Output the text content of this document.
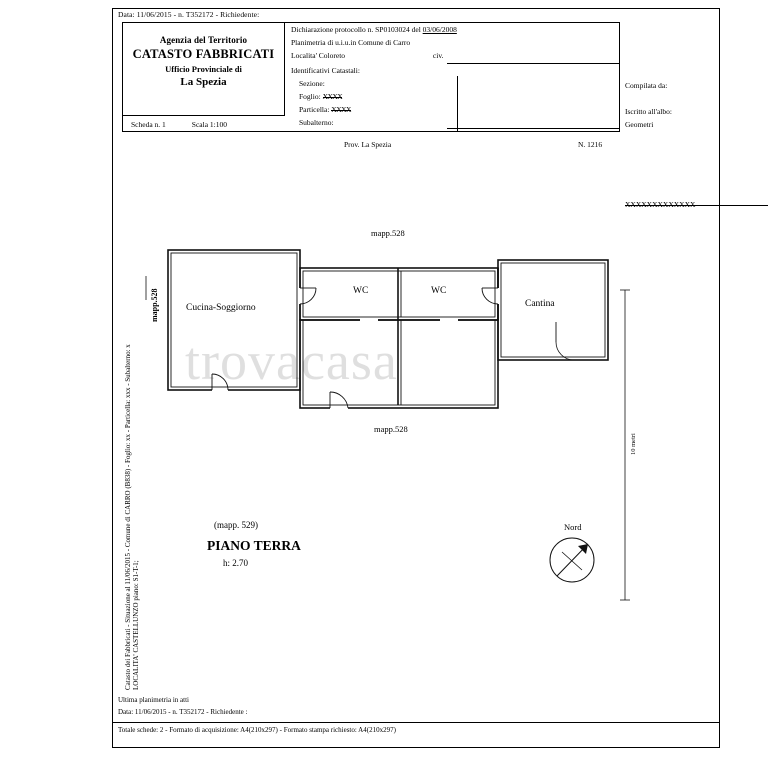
Data: 11/06/2015 - n. T352172 - Richiedente:
Agenzia del Territorio
CATASTO FABBRICATI
Ufficio Provinciale di
La Spezia
Scheda n. 1	Scala 1:100
Dichiarazione protocollo n. SP0103024 del 03/06/2008
Planimetria di u.i.u.in Comune di Carro
Localita' Coloreto	civ.
Identificativi Catastali:
Sezione:
Foglio: XXXX
Particella: XXXX
Subalterno:
Compilata da:
XXXXXXXXXXXXX
Iscritto all'albo:
Geometri
Prov. La Spezia	N. 1216
trovacasa
Cucina-Soggiorno
WC	WC
Cantina
mapp.528
mapp.528
(mapp. 529)
PIANO TERRA
h: 2.70
Nord
Catasto dei Fabbricati - Situazione al 11/06/2015 - Comune di CARRO (B838) - Foglio: xx - Particella: xxx - Subalterno: x LOCALITA' CASTELLUNZO piano: S1-T-1;
mapp.528
10 metri
Ultima planimetria in atti
Data: 11/06/2015 - n. T352172 - Richiedente :
Totale schede: 2 - Formato di acquisizione: A4(210x297) - Formato stampa richiesto: A4(210x297)
